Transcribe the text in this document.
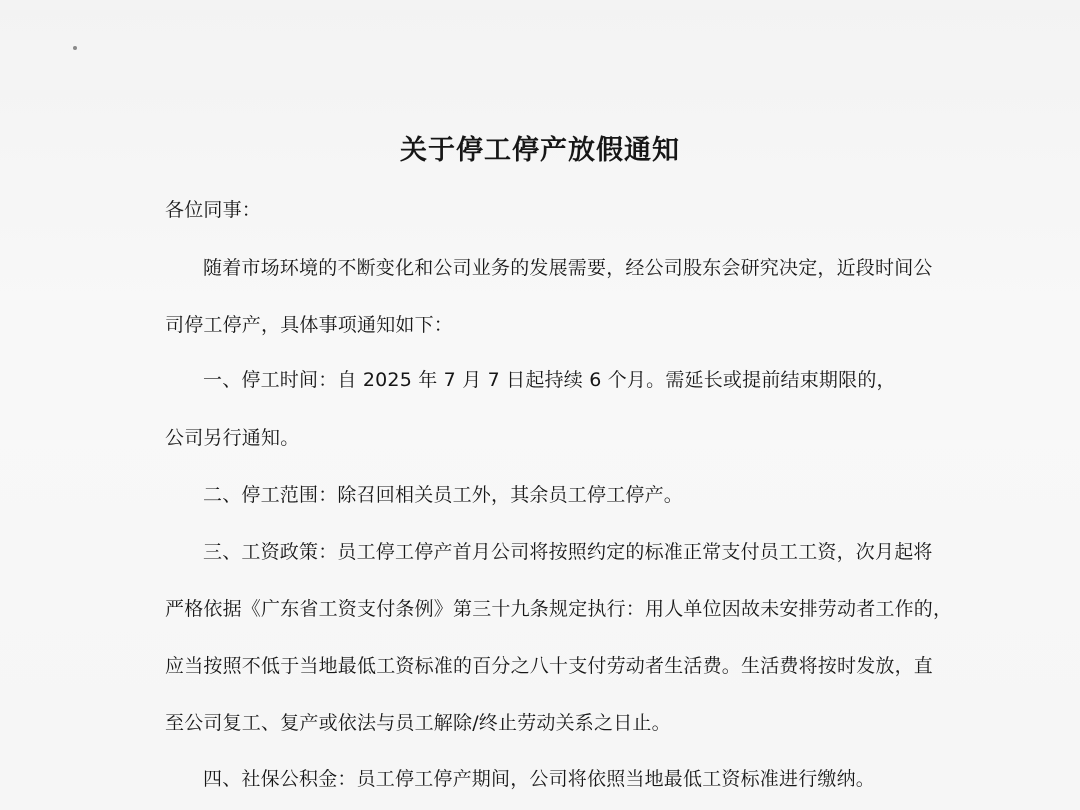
关于停工停产放假通知
各位同事：
随着市场环境的不断变化和公司业务的发展需要，经公司股东会研究决定，近段时间公
司停工停产，具体事项通知如下：
一、停工时间：自 2025 年 7 月 7 日起持续 6 个月。需延长或提前结束期限的，
公司另行通知。
二、停工范围：除召回相关员工外，其余员工停工停产。
三、工资政策：员工停工停产首月公司将按照约定的标准正常支付员工工资，次月起将
严格依据《广东省工资支付条例》第三十九条规定执行：用人单位因故未安排劳动者工作的，
应当按照不低于当地最低工资标准的百分之八十支付劳动者生活费。生活费将按时发放，直
至公司复工、复产或依法与员工解除/终止劳动关系之日止。
四、社保公积金：员工停工停产期间，公司将依照当地最低工资标准进行缴纳。
